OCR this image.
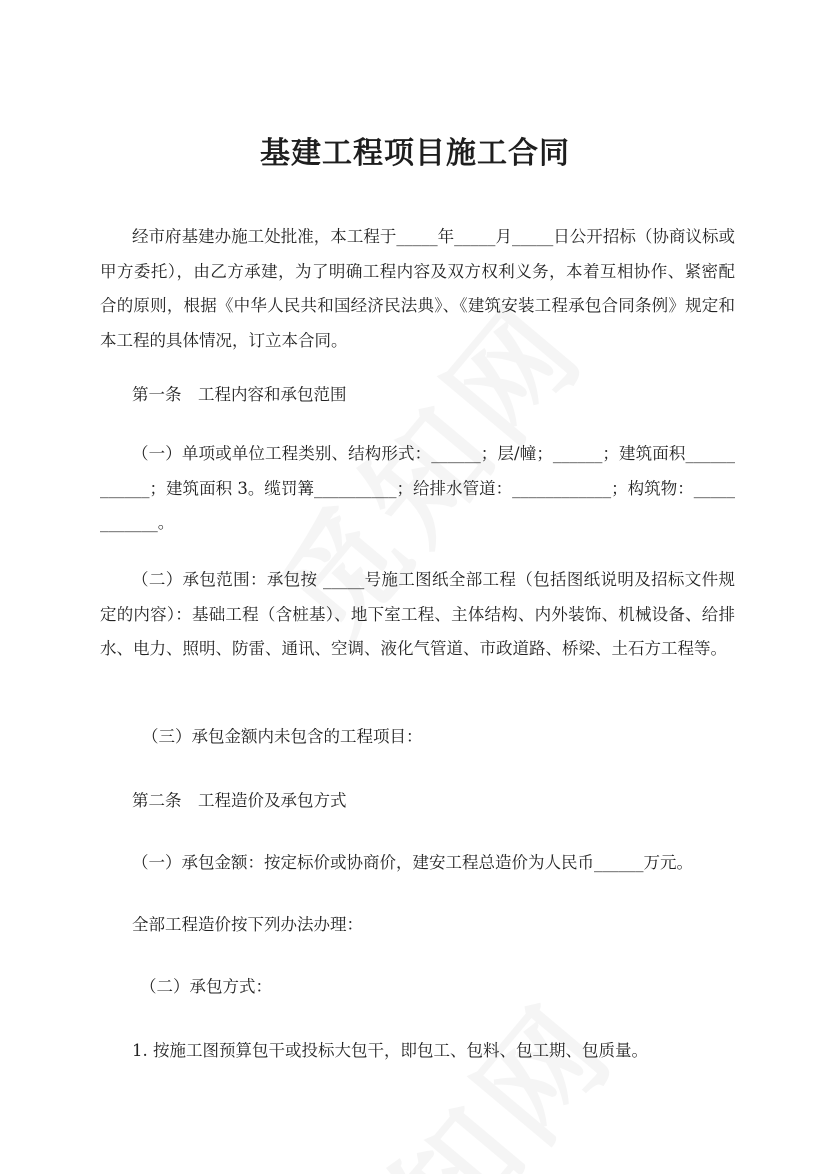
基建工程项目施工合同

经市府基建办施工处批准，本工程于_____年_____月_____日公开招标（协商议标或甲方委托），由乙方承建，为了明确工程内容及双方权利义务，本着互相协作、紧密配合的原则，根据《中华人民共和国经济民法典》、《建筑安装工程承包合同条例》规定和本工程的具体情况，订立本合同。

第一条　工程内容和承包范围

（一）单项或单位工程类别、结构形式：______；层/幢；______；建筑面积____________；建筑面积 3。缆罚篝__________；给排水管道：____________；构筑物：____________。

（二）承包范围：承包按 _____号施工图纸全部工程（包括图纸说明及招标文件规定的内容）：基础工程（含桩基）、地下室工程、主体结构、内外装饰、机械设备、给排水、电力、照明、防雷、通讯、空调、液化气管道、市政道路、桥梁、土石方工程等。

（三）承包金额内未包含的工程项目：

第二条　工程造价及承包方式

（一）承包金额：按定标价或协商价，建安工程总造价为人民币______万元。

全部工程造价按下列办法办理：

（二）承包方式：

1. 按施工图预算包干或投标大包干，即包工、包料、包工期、包质量。
